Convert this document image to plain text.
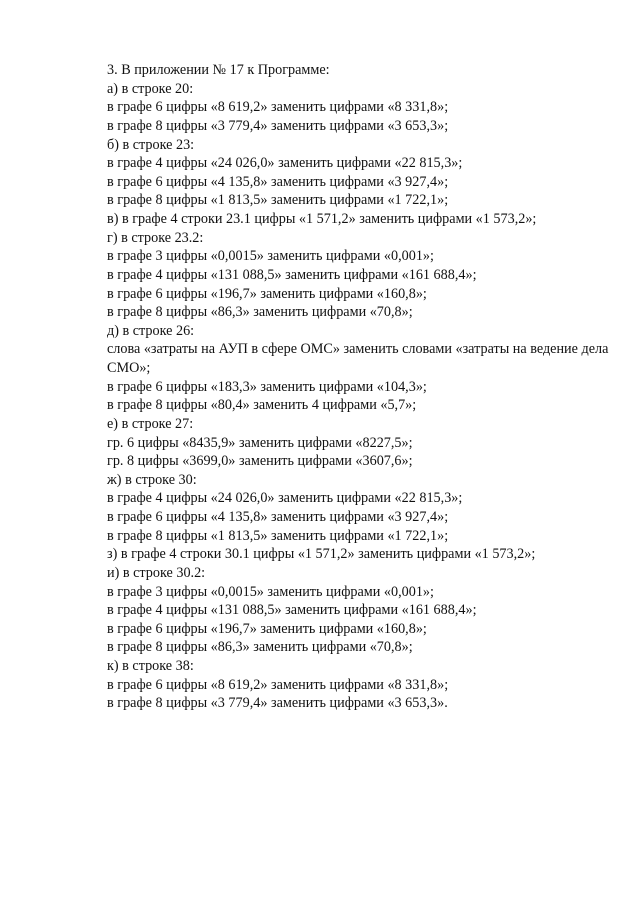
3. В приложении № 17 к Программе:
а) в строке 20:
в графе 6 цифры «8 619,2» заменить цифрами «8 331,8»;
в графе 8 цифры «3 779,4» заменить цифрами «3 653,3»;
б) в строке 23:
в графе 4 цифры «24 026,0» заменить цифрами «22 815,3»;
в графе 6 цифры «4 135,8» заменить цифрами «3 927,4»;
в графе 8 цифры «1 813,5» заменить цифрами «1 722,1»;
в) в графе 4 строки 23.1 цифры «1 571,2» заменить цифрами «1 573,2»;
г) в строке 23.2:
в графе 3 цифры «0,0015» заменить цифрами «0,001»;
в графе 4 цифры «131 088,5» заменить цифрами «161 688,4»;
в графе 6 цифры «196,7» заменить цифрами «160,8»;
в графе 8 цифры «86,3» заменить цифрами «70,8»;
д) в строке 26:
слова «затраты на АУП в сфере ОМС» заменить словами «затраты на ведение дела СМО»;
в графе 6 цифры «183,3» заменить цифрами «104,3»;
в графе 8 цифры «80,4» заменить 4 цифрами «5,7»;
е) в строке 27:
гр. 6 цифры «8435,9» заменить цифрами «8227,5»;
гр. 8 цифры «3699,0» заменить цифрами «3607,6»;
ж) в строке 30:
в графе 4 цифры «24 026,0» заменить цифрами «22 815,3»;
в графе 6 цифры «4 135,8» заменить цифрами «3 927,4»;
в графе 8 цифры «1 813,5» заменить цифрами «1 722,1»;
з) в графе 4 строки 30.1 цифры «1 571,2» заменить цифрами «1 573,2»;
и) в строке 30.2:
в графе 3 цифры «0,0015» заменить цифрами «0,001»;
в графе 4 цифры «131 088,5» заменить цифрами «161 688,4»;
в графе 6 цифры «196,7» заменить цифрами «160,8»;
в графе 8 цифры «86,3» заменить цифрами «70,8»;
к) в строке 38:
в графе 6 цифры «8 619,2» заменить цифрами «8 331,8»;
в графе 8 цифры «3 779,4» заменить цифрами «3 653,3».
